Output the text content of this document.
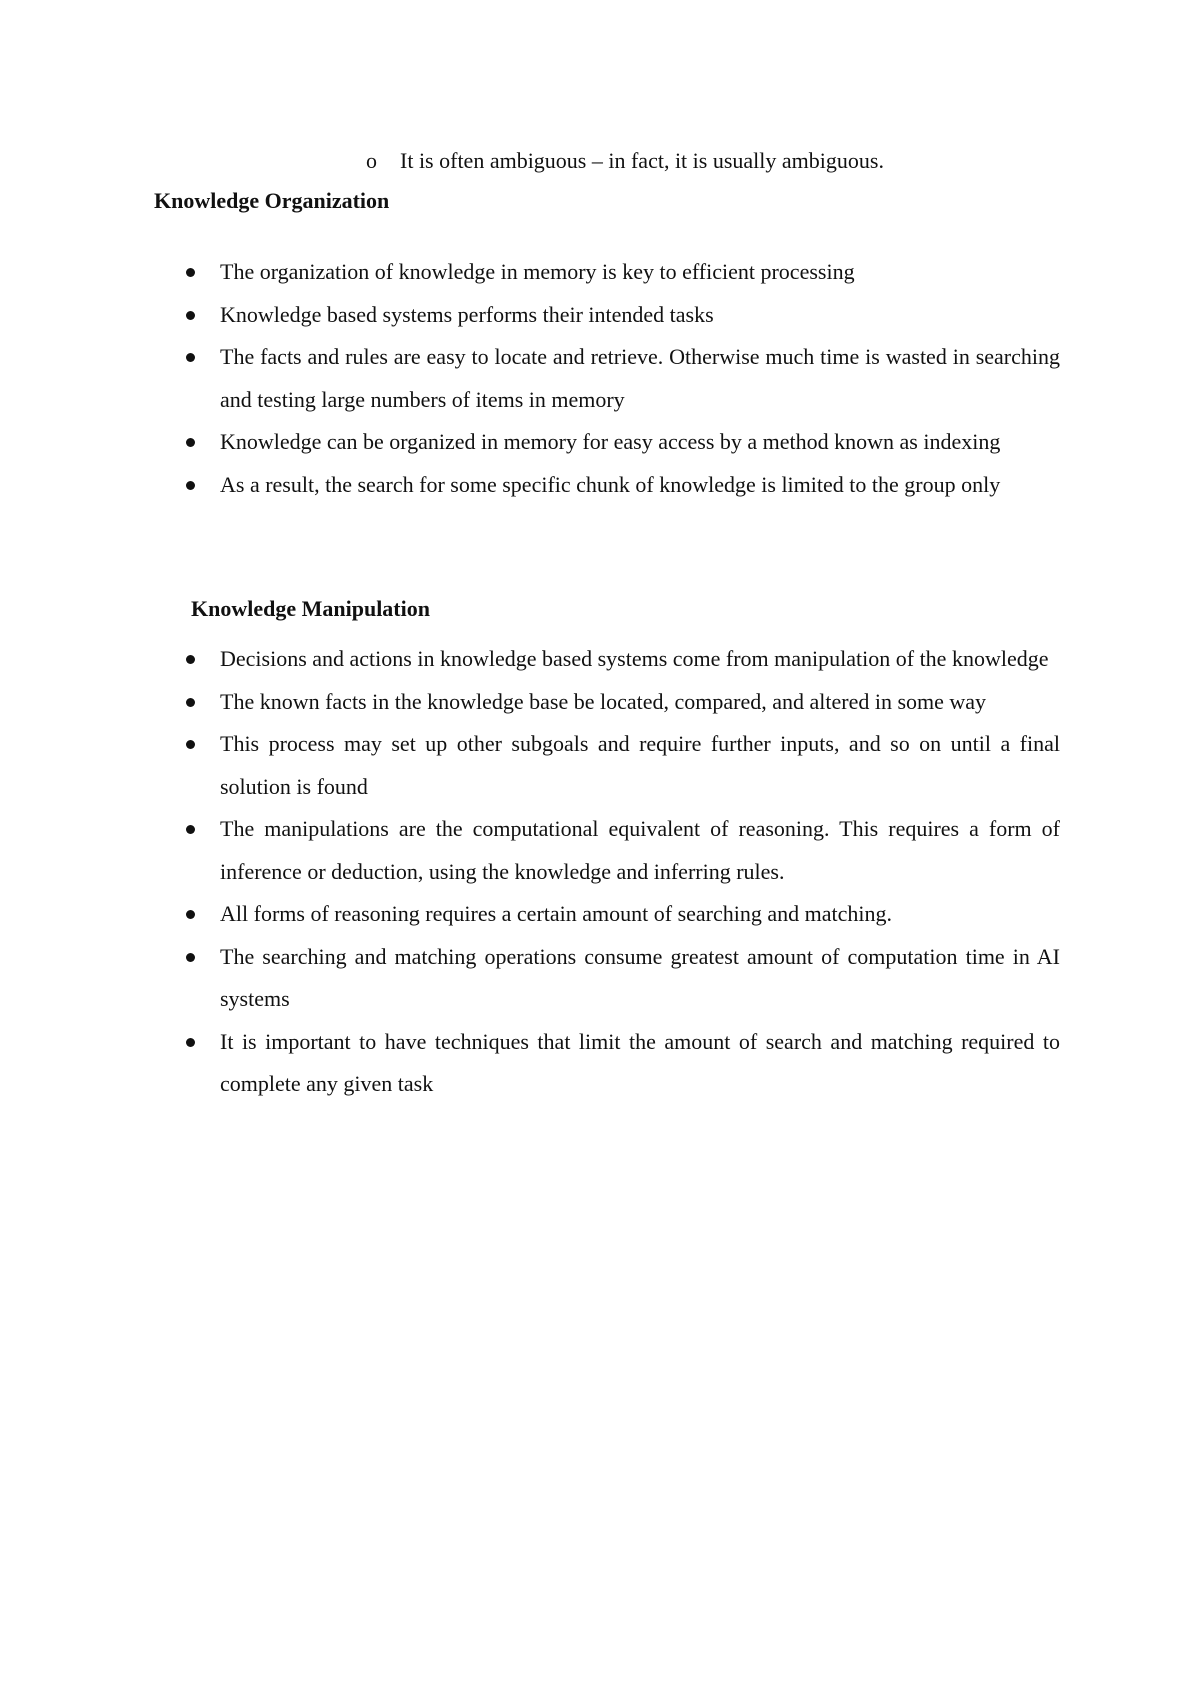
o It is often ambiguous – in fact, it is usually ambiguous.
Knowledge Organization
The organization of knowledge in memory is key to efficient processing
Knowledge based systems performs their intended tasks
The facts and rules are easy to locate and retrieve. Otherwise much time is wasted in searching and testing large numbers of items in memory
Knowledge can be organized in memory for easy access by a method known as indexing
As a result, the search for some specific chunk of knowledge is limited to the group only
Knowledge Manipulation
Decisions and actions in knowledge based systems come from manipulation of the knowledge
The known facts in the knowledge base be located, compared, and altered in some way
This process may set up other subgoals and require further inputs, and so on until a final solution is found
The manipulations are the computational equivalent of reasoning. This requires a form of inference or deduction, using the knowledge and inferring rules.
All forms of reasoning requires a certain amount of searching and matching.
The searching and matching operations consume greatest amount of computation time in AI systems
It is important to have techniques that limit the amount of search and matching required to complete any given task
